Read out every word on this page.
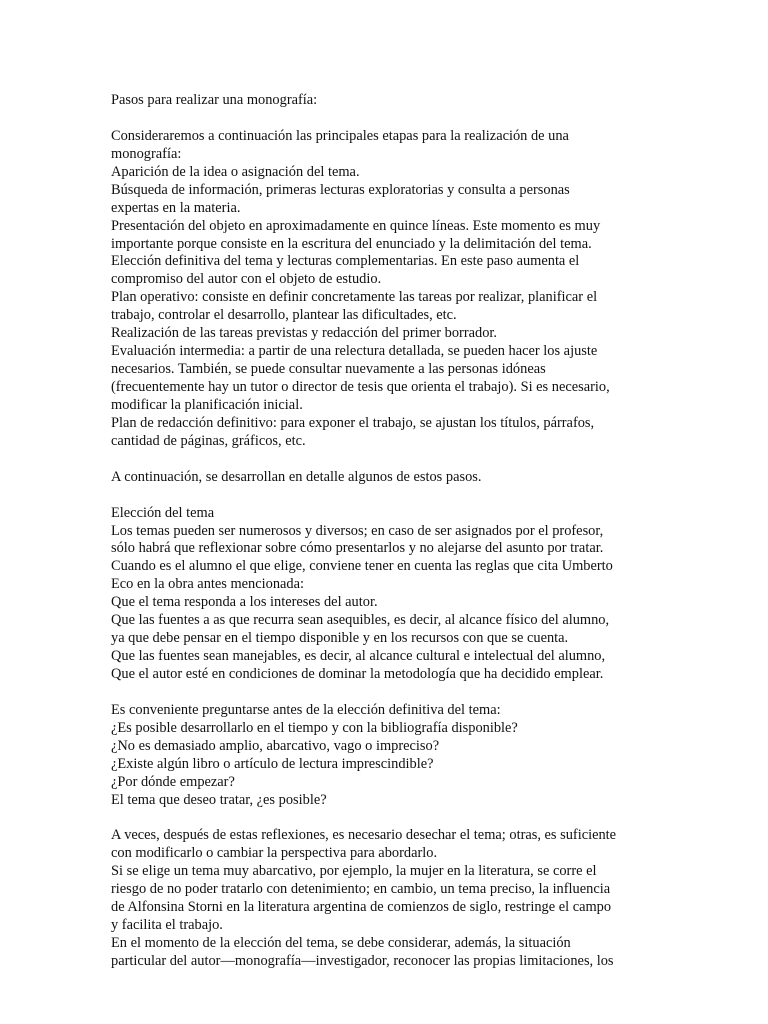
Pasos para realizar una monografía:
Consideraremos a continuación las principales etapas para la realización de una
monografía:
Aparición de la idea o asignación del tema.
Búsqueda de información, primeras lecturas exploratorias y consulta a personas
expertas en la materia.
Presentación del objeto en aproximadamente en quince líneas. Este momento es muy
importante porque consiste en la escritura del enunciado y la delimitación del tema.
Elección definitiva del tema y lecturas complementarias. En este paso aumenta el
compromiso del autor con el objeto de estudio.
Plan operativo: consiste en definir concretamente las tareas por realizar, planificar el
trabajo, controlar el desarrollo, plantear las dificultades, etc.
Realización de las tareas previstas y redacción del primer borrador.
Evaluación intermedia: a partir de una relectura detallada, se pueden hacer los ajuste
necesarios. También, se puede consultar nuevamente a las personas idóneas
(frecuentemente hay un tutor o director de tesis que orienta el trabajo). Si es necesario,
modificar la planificación inicial.
Plan de redacción definitivo: para exponer el trabajo, se ajustan los títulos, párrafos,
cantidad de páginas, gráficos, etc.
A continuación, se desarrollan en detalle algunos de estos pasos.
Elección del tema
Los temas pueden ser numerosos y diversos; en caso de ser asignados por el profesor,
sólo habrá que reflexionar sobre cómo presentarlos y no alejarse del asunto por tratar.
Cuando es el alumno el que elige, conviene tener en cuenta las reglas que cita Umberto
Eco en la obra antes mencionada:
Que el tema responda a los intereses del autor.
Que las fuentes a as que recurra sean asequibles, es decir, al alcance físico del alumno,
ya que debe pensar en el tiempo disponible y en los recursos con que se cuenta.
Que las fuentes sean manejables, es decir, al alcance cultural e intelectual del alumno,
Que el autor esté en condiciones de dominar la metodología que ha decidido emplear.
Es conveniente preguntarse antes de la elección definitiva del tema:
¿Es posible desarrollarlo en el tiempo y con la bibliografía disponible?
¿No es demasiado amplio, abarcativo, vago o impreciso?
¿Existe algún libro o artículo de lectura imprescindible?
¿Por dónde empezar?
El tema que deseo tratar, ¿es posible?
A veces, después de estas reflexiones, es necesario desechar el tema; otras, es suficiente
con modificarlo o cambiar la perspectiva para abordarlo.
Si se elige un tema muy abarcativo, por ejemplo, la mujer en la literatura, se corre el
riesgo de no poder tratarlo con detenimiento; en cambio, un tema preciso, la influencia
de Alfonsina Storni en la literatura argentina de comienzos de siglo, restringe el campo
y facilita el trabajo.
En el momento de la elección del tema, se debe considerar, además, la situación
particular del autor—monografía—investigador, reconocer las propias limitaciones, los
